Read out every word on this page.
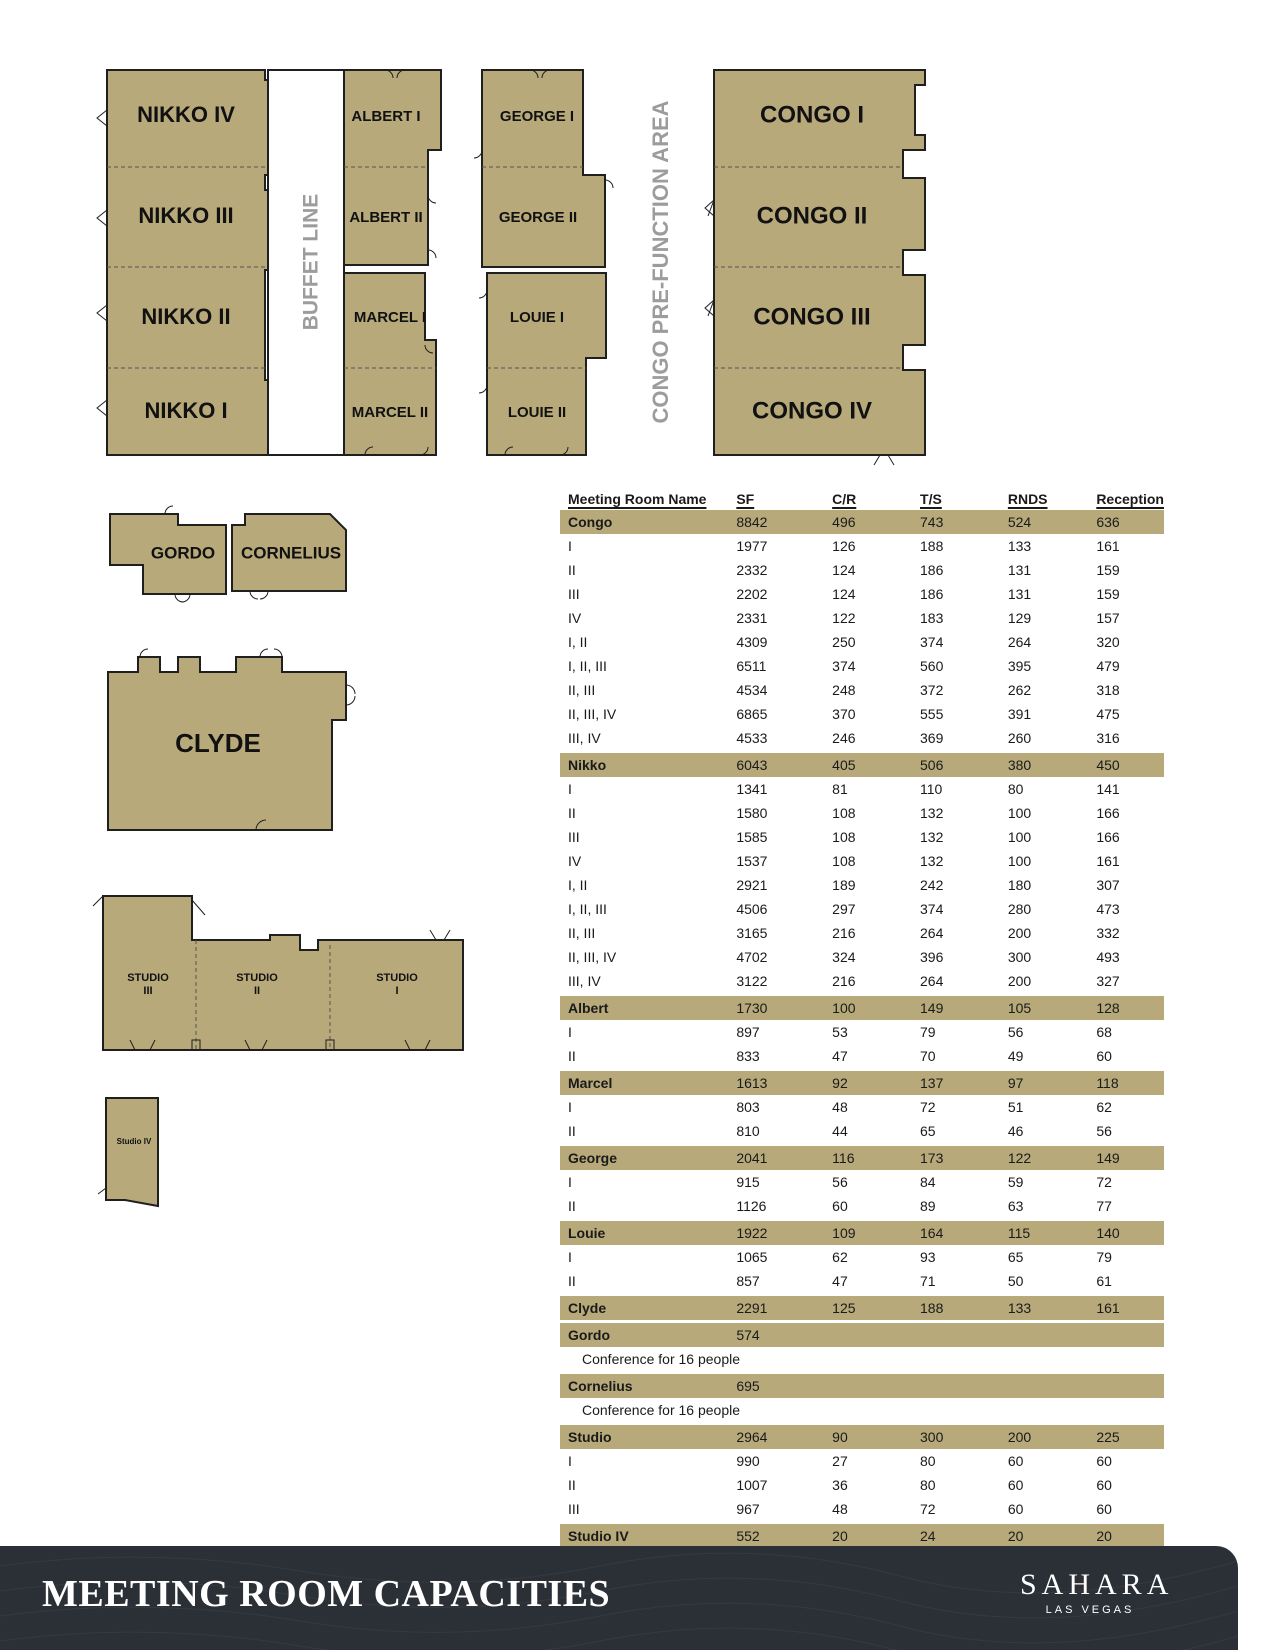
NIKKO IV
NIKKO III
NIKKO II
NIKKO I
BUFFET LINE
ALBERT I
ALBERT II
MARCEL I
MARCEL II
GEORGE I
GEORGE II
LOUIE I
LOUIE II	CONGO PRE-FUNCTION AREA	CONGO I
CONGO II
CONGO III
CONGO IV
GORDO CORNELIUS
CLYDE
STUDIO
III
STUDIO
II
STUDIO
I
Studio IV
Meeting Room Name	SF	C/R	T/S	RNDS	Reception

Congo	8842	496	743	524	636
I	1977	126	188	133	161
II	2332	124	186	131	159
III	2202	124	186	131	159
IV	2331	122	183	129	157
I, II	4309	250	374	264	320
I, II, III	6511	374	560	395	479
II, III	4534	248	372	262	318
II, III, IV	6865	370	555	391	475
III, IV	4533	246	369	260	316

Nikko	6043	405	506	380	450
I	1341	81	110	80	141
II	1580	108	132	100	166
III	1585	108	132	100	166
IV	1537	108	132	100	161
I, II	2921	189	242	180	307
I, II, III	4506	297	374	280	473
II, III	3165	216	264	200	332
II, III, IV	4702	324	396	300	493
III, IV	3122	216	264	200	327

Albert	1730	100	149	105	128
I	897	53	79	56	68
II	833	47	70	49	60

Marcel	1613	92	137	97	118
I	803	48	72	51	62
II	810	44	65	46	56

George	2041	116	173	122	149
I	915	56	84	59	72
II	1126	60	89	63	77

Louie	1922	109	164	115	140
I	1065	62	93	65	79
II	857	47	71	50	61

Clyde	2291	125	188	133	161

Gordo	574				
Conference for 16 people					

Cornelius	695				
Conference for 16 people					

Studio	2964	90	300	200	225
I	990	27	80	60	60
II	1007	36	80	60	60
III	967	48	72	60	60

Studio IV	552	20	24	20	20
MEETING ROOM CAPACITIES	SAHARA
LAS VEGAS
